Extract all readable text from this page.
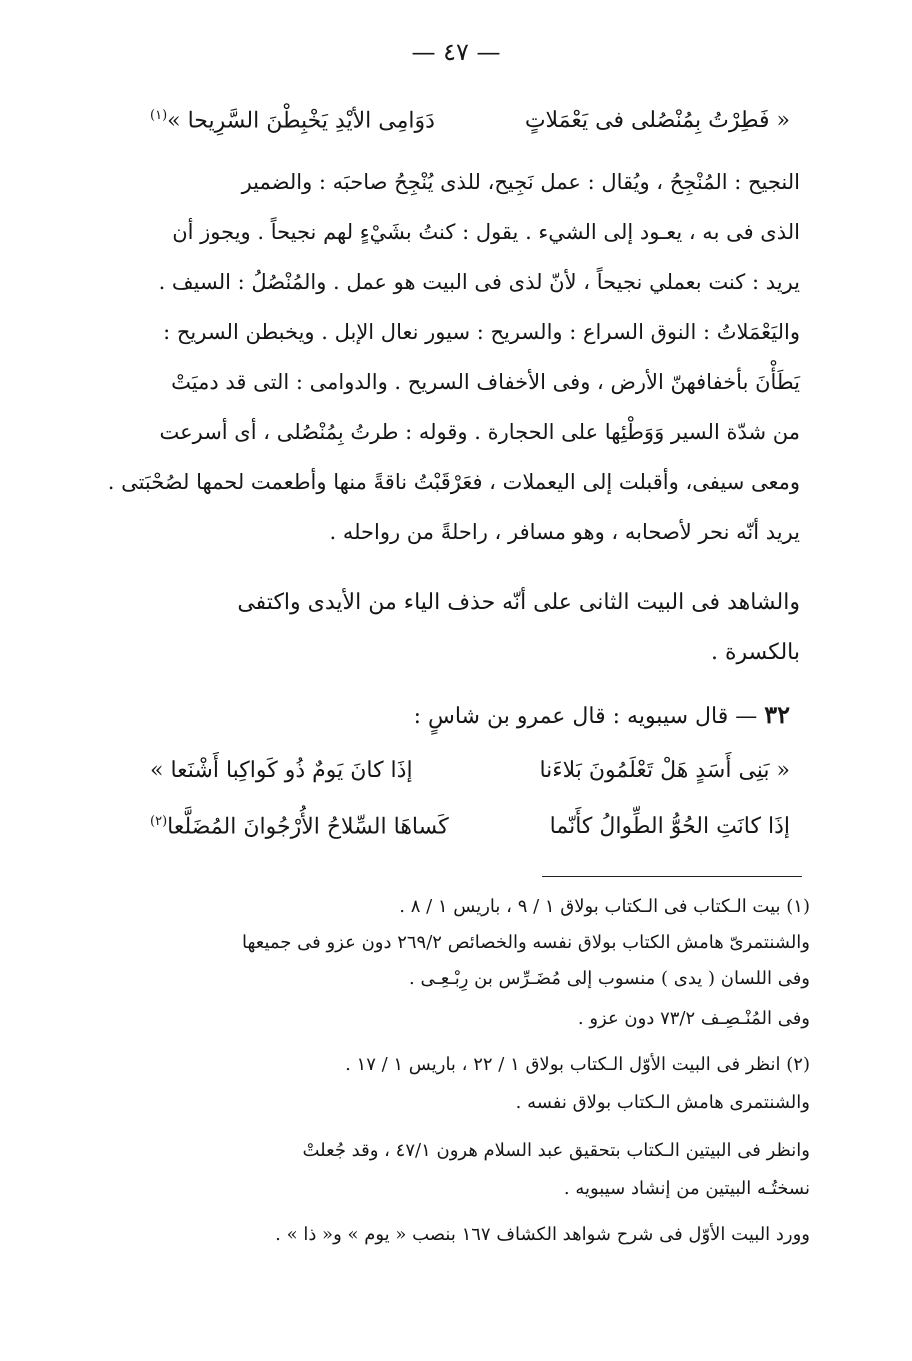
— ٤٧ —
« فَطِرْتُ بِمُنْصُلى فى يَعْمَلاتٍ
دَوَامِى الأيْدِ يَخْبِطْنَ السَّرِيحا »$^{(١)}$
النجيح : المُنْجِحُ ، ويُقال : عمل نَجِيح، للذى يُنْجِحُ صاحبَه : والضمير
الذى فى به ، يعـود إلى الشيء . يقول : كنتُ بشَيْءٍ لهم نجيحاً . ويجوز أن
يريد : كنت بعملي نجيحاً ، لأنّ لذى فى البيت هو عمل . والمُنْصُلُ : السيف .
واليَعْمَلاتُ : النوق السراع : والسريح : سيور نعال الإبل . ويخبطن السريح :
يَطَأْنَ بأخفافهنّ الأرض ، وفى الأخفاف السريح . والدوامى : التى قد دميَتْ
من شدّة السير وَوَطْئِها على الحجارة . وقوله : طرتُ بِمُنْصُلى ، أى أسرعت
ومعى سيفى، وأقبلت إلى اليعملات ، فعَرْقَبْتُ ناقةً منها وأطعمت لحمها لصُحْبَتى .
يريد أنّه نحر لأصحابه ، وهو مسافر ، راحلةً من رواحله .
والشاهد فى البيت الثانى على أنّه حذف الياء من الأيدى واكتفى
بالكسرة .
٣٢ — قال سيبويه : قال عمرو بن شاسٍ :
« بَنِى أَسَدٍ هَلْ تَعْلَمُونَ بَلاءَنا
إذَا كانَ يَومٌ ذُو كَواكِبا أَشْنَعا »
إذَا كانَتِ الحُوُّ الطِّوالُ كأَنّما
كَساهَا السِّلاحُ الأُرْجُوانَ المُضَلَّعا$^{(٢)}$
(١) بيت الـكتاب فى الـكتاب بولاق ١ / ٩ ، باريس ١ / ٨ .
والشنتمرىّ هامش الكتاب بولاق نفسه والخصائص ٢٦٩/٢ دون عزو فى جميعها
وفى اللسان ( يدى ) منسوب إلى مُضَـرِّس بن رِبْـعِـى .
وفى المُنْـصِـف ٧٣/٢ دون عزو .
(٢) انظر فى البيت الأوّل الـكتاب بولاق ١ / ٢٢ ، باريس ١ / ١٧ .
والشنتمرى هامش الـكتاب بولاق نفسه .
وانظر فى البيتين الـكتاب بتحقيق عبد السلام هرون ٤٧/١ ، وقد جُعلتْ
نسختُـه البيتين من إنشاد سيبويه .
وورد البيت الأوّل فى شرح شواهد الكشاف ١٦٧ بنصب « يوم » و« ذا » .
